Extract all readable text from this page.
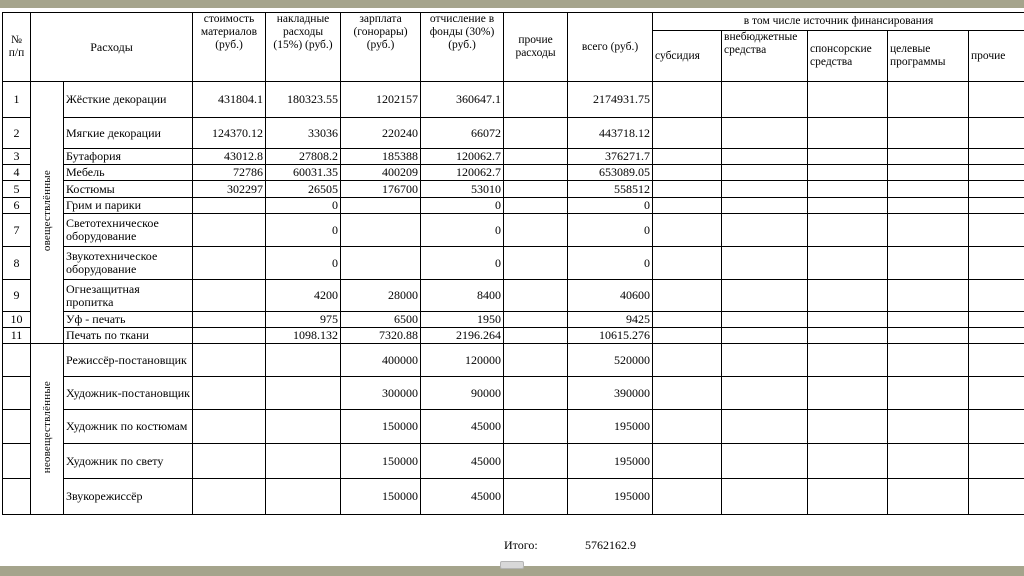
№ п/п	Расходы		стоимость материалов (руб.)	накладные расходы (15%) (руб.)	зарплата (гонорары) (руб.)	отчисление в фонды (30%) (руб.)	прочие расходы	всего (руб.)	в том числе источник финансирования				
									субсидия	внебюджетные средства	спонсорские средства	целевые программы	прочие
1	овеществлённые	Жёсткие декорации	431804.1	180323.55	1202157	360647.1		2174931.75					
2		Мягкие декорации	124370.12	33036	220240	66072		443718.12					
3		Бутафория	43012.8	27808.2	185388	120062.7		376271.7					
4		Мебель	72786	60031.35	400209	120062.7		653089.05					
5		Костюмы	302297	26505	176700	53010		558512					
6		Грим и парики		0		0		0					
7		Светотехническое оборудование		0		0		0					
8		Звукотехническое оборудование		0		0		0					
9		Огнезащитная пропитка		4200	28000	8400		40600					
10		Уф - печать		975	6500	1950		9425					
11		Печать по ткани		1098.132	7320.88	2196.264		10615.276					
	неовеществлённые	Режиссёр-постановщик			400000	120000		520000					
		Художник-постановщик			300000	90000		390000					
		Художник по костюмам			150000	45000		195000					
		Художник по свету			150000	45000		195000					
		Звукорежиссёр			150000	45000		195000					
Итого:	5762162.9
